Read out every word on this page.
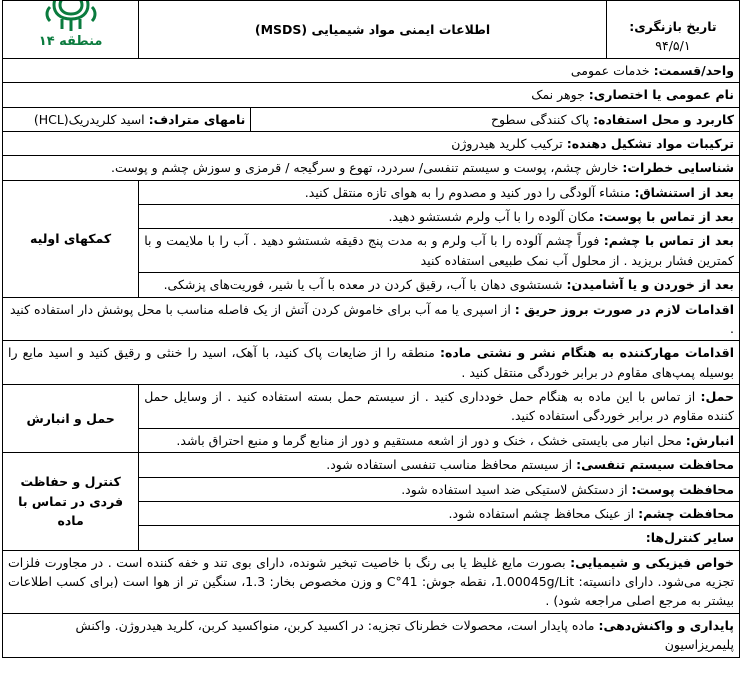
تاریخ بازنگری: ۹۴/۵/۱	اطلاعات ایمنی مواد شیمیایی (MSDS)		منطقه ۱۴

واحد/قسمت: خدمات عمومی			
نام عمومی یا اختصاری: جوهر نمک			
کاربرد و محل استفاده: پاک کنندگی سطوح		نامهای مترادف: اسید کلریدریک(HCL)	
ترکیبات مواد تشکیل دهنده: ترکیب کلرید هیدروژن			
شناسایی خطرات: خارش چشم، پوست و سیستم تنفسی/ سردرد، تهوع و سرگیجه / قرمزی و سوزش چشم و پوست.			
بعد از استنشاق: منشاء آلودگی را دور کنید و مصدوم را به هوای تازه منتقل کنید.			کمکهای اولیه
بعد از تماس با پوست: مکان آلوده را با آب ولرم شستشو دهید.			
بعد از تماس با چشم: فوراً چشم آلوده را با آب ولرم و به مدت پنج دقیقه شستشو دهید . آب را با ملایمت و با کمترین فشار بریزید . از محلول آب نمک طبیعی استفاده کنید			
بعد از خوردن و یا آشامیدن: شستشوی دهان با آب، رقیق کردن در معده با آب یا شیر، فوریت‌های پزشکی.			
اقدامات لازم در صورت بروز حریق : از اسپری یا مه آب برای خاموش کردن آتش از یک فاصله مناسب با محل پوشش دار استفاده کنید .			
اقدامات مهارکننده به هنگام نشر و نشتی ماده: منطقه را از ضایعات پاک کنید، با آهک، اسید را خنثی و رقیق کنید و اسید مایع را بوسیله پمپ‌های مقاوم در برابر خوردگی منتقل کنید .			
حمل: از تماس با این ماده به هنگام حمل خودداری کنید . از سیستم حمل بسته استفاده کنید . از وسایل حمل کننده مقاوم در برابر خوردگی استفاده کنید.			حمل و انبارش
انبارش: محل انبار می بایستی خشک ، خنک و دور از اشعه مستقیم و دور از منابع گرما و منبع احتراق باشد.			
محافظت سیستم تنفسی: از سیستم محافظ مناسب تنفسی استفاده شود.			کنترل و حفاظت فردی در تماس با ماده
محافظت پوست: از دستکش لاستیکی ضد اسید استفاده شود.			
محافظت چشم: از عینک محافظ چشم استفاده شود.			
سایر کنترل‌ها:			
خواص فیزیکی و شیمیایی: بصورت مایع غلیظ یا بی رنگ با خاصیت تبخیر شونده، دارای بوی تند و خفه کننده است . در مجاورت فلزات تجزیه می‌شود. دارای دانسیته: 1.00045g/Lit، نقطه جوش: 41°C و وزن مخصوص بخار: 1.3، سنگین تر از هوا است (برای کسب اطلاعات بیشتر به مرجع اصلی مراجعه شود) .			
پایداری و واکنش‌دهی: ماده پایدار است، محصولات خطرناک تجزیه: در اکسید کربن، منواکسید کربن، کلرید هیدروژن. واکنش پلیمریزاسیون			
